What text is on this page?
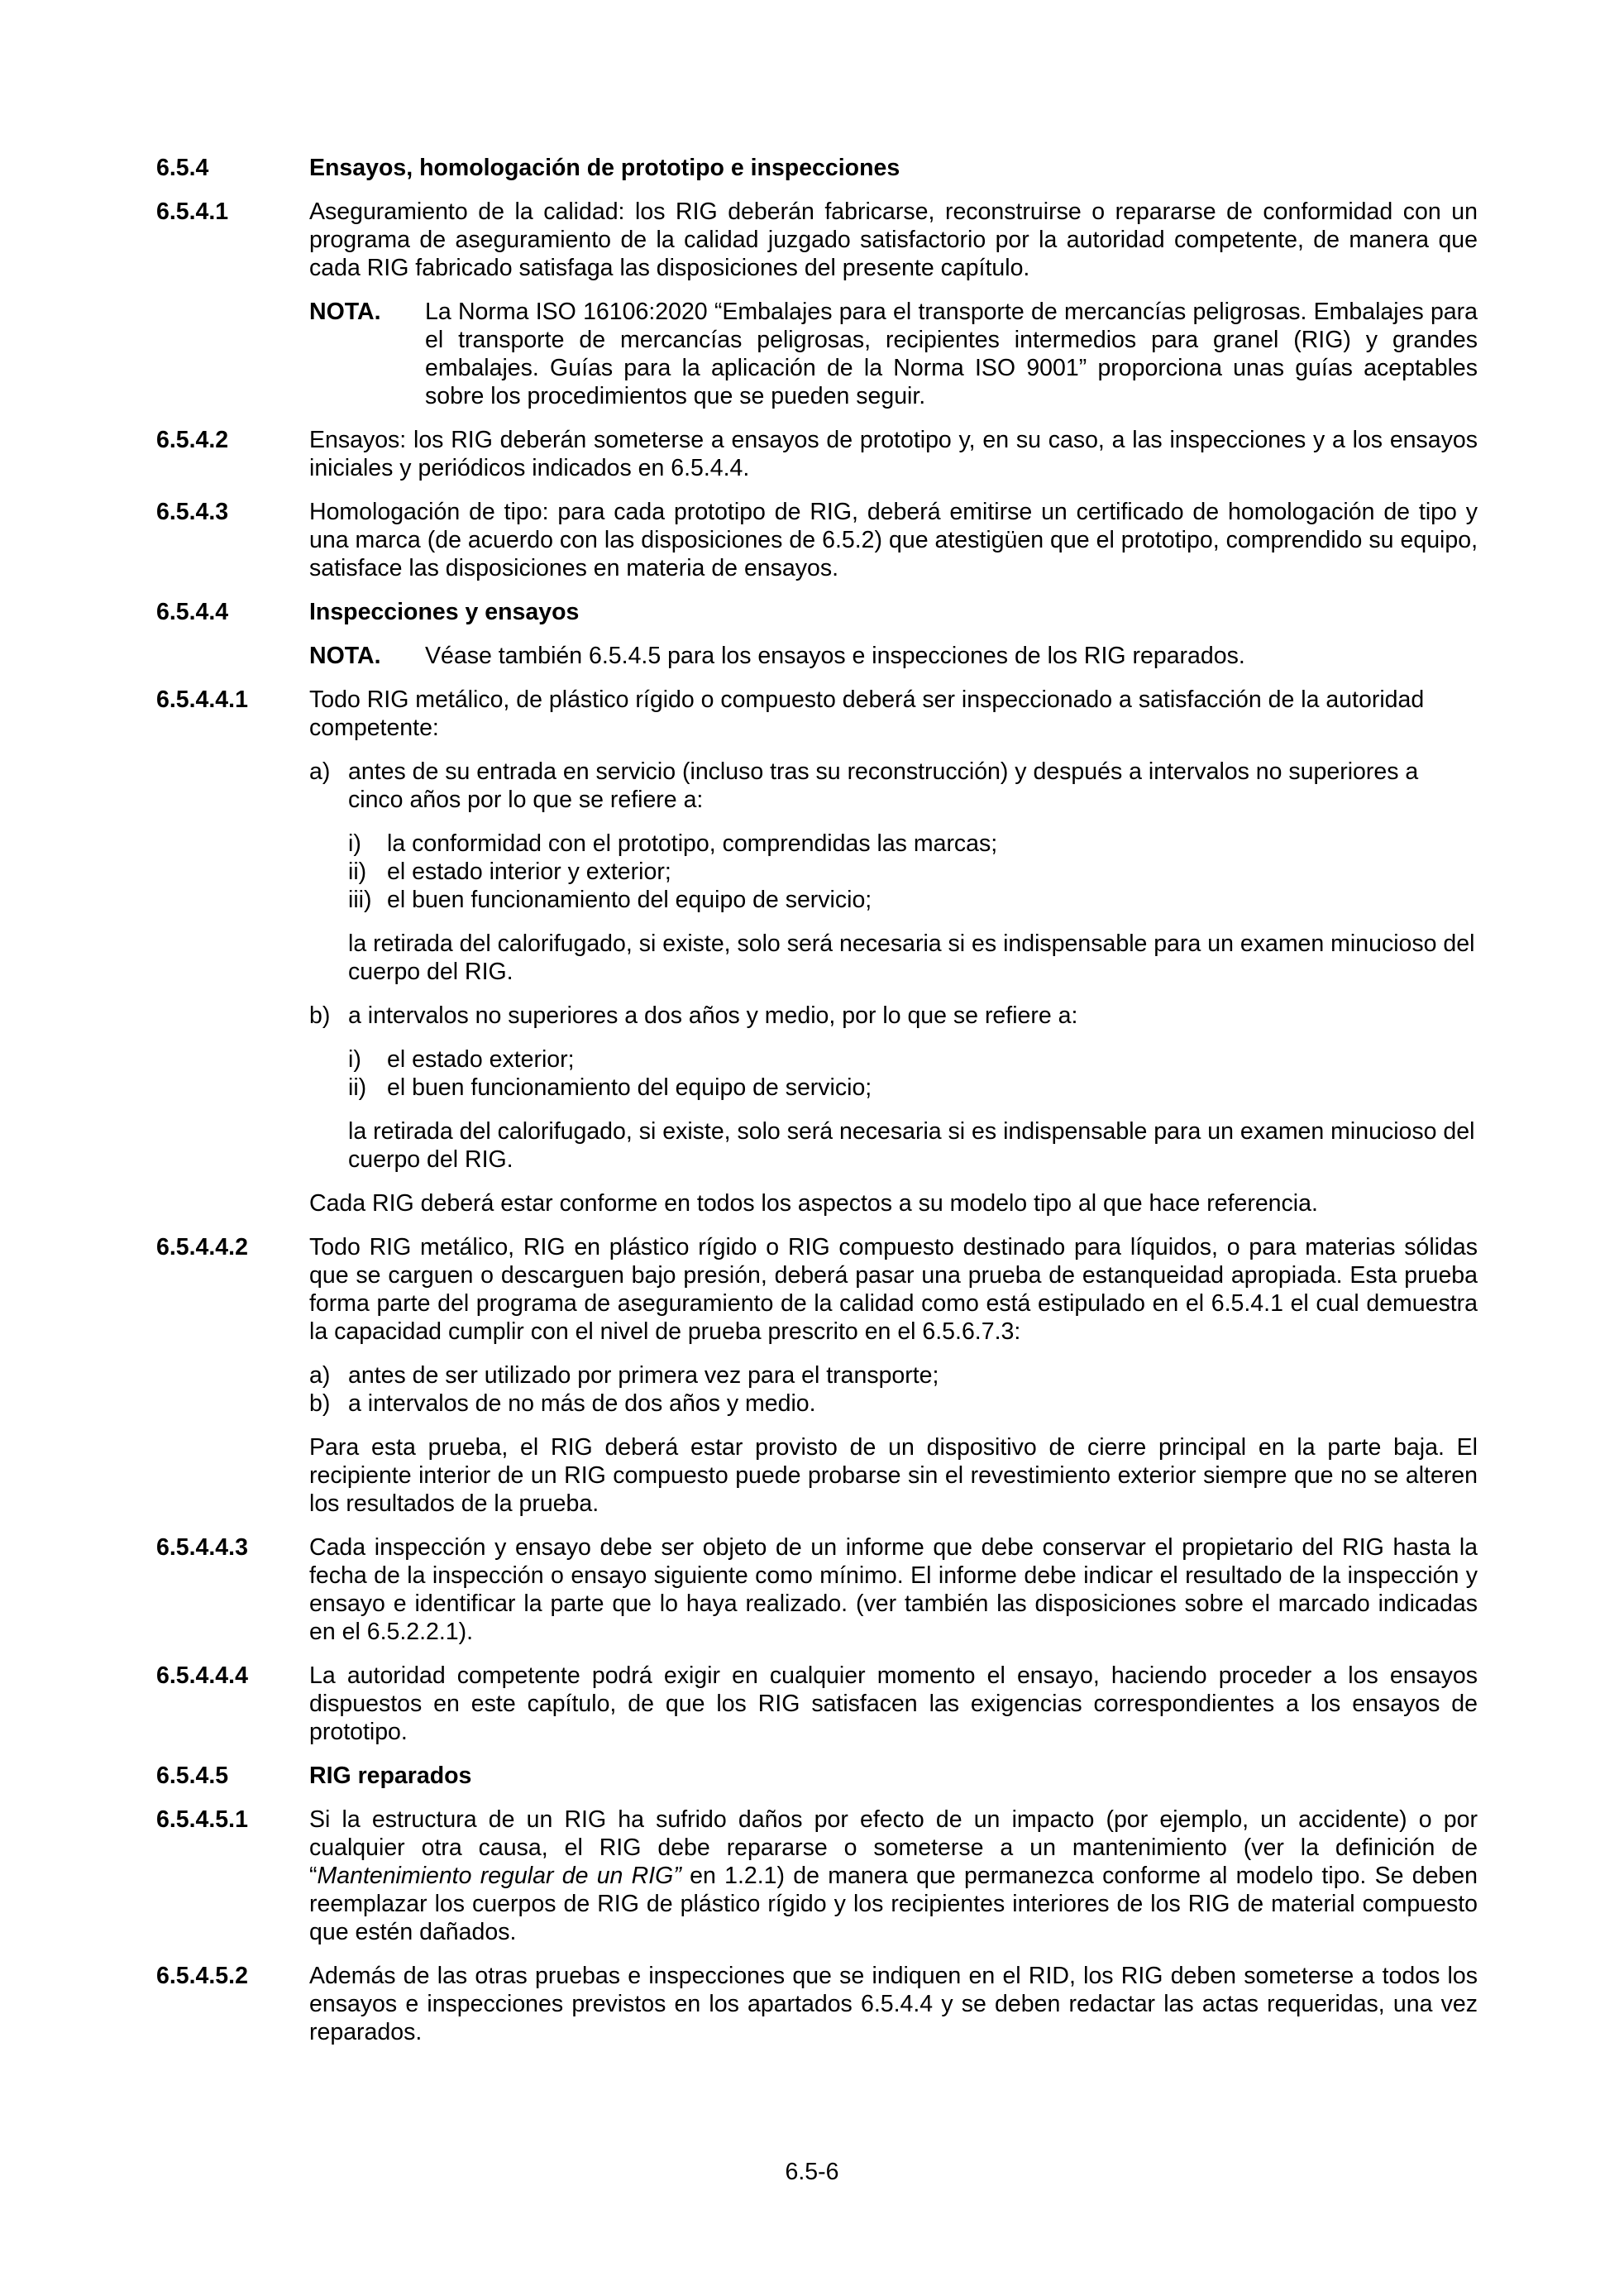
6.5.4	Ensayos, homologación de prototipo e inspecciones

6.5.4.1	Aseguramiento de la calidad: los RIG deberán fabricarse, reconstruirse o repararse de conformidad con un programa de aseguramiento de la calidad juzgado satisfactorio por la autoridad competente, de manera que cada RIG fabricado satisfaga las disposiciones del presente capítulo.

NOTA. La Norma ISO 16106:2020 “Embalajes para el transporte de mercancías peligrosas. Embalajes para el transporte de mercancías peligrosas, recipientes intermedios para granel (RIG) y grandes embalajes. Guías para la aplicación de la Norma ISO 9001” proporciona unas guías aceptables sobre los procedimientos que se pueden seguir.

6.5.4.2	Ensayos: los RIG deberán someterse a ensayos de prototipo y, en su caso, a las inspecciones y a los ensayos iniciales y periódicos indicados en 6.5.4.4.

6.5.4.3	Homologación de tipo: para cada prototipo de RIG, deberá emitirse un certificado de homologación de tipo y una marca (de acuerdo con las disposiciones de 6.5.2) que atestigüen que el prototipo, comprendido su equipo, satisface las disposiciones en materia de ensayos.

6.5.4.4	Inspecciones y ensayos

NOTA. Véase también 6.5.4.5 para los ensayos e inspecciones de los RIG reparados.

6.5.4.4.1	Todo RIG metálico, de plástico rígido o compuesto deberá ser inspeccionado a satisfacción de la autoridad competente:

a) antes de su entrada en servicio (incluso tras su reconstrucción) y después a intervalos no superiores a cinco años por lo que se refiere a:

i) la conformidad con el prototipo, comprendidas las marcas;

ii) el estado interior y exterior;

iii) el buen funcionamiento del equipo de servicio;

la retirada del calorifugado, si existe, solo será necesaria si es indispensable para un examen minucioso del cuerpo del RIG.

b) a intervalos no superiores a dos años y medio, por lo que se refiere a:

i) el estado exterior;

ii) el buen funcionamiento del equipo de servicio;

la retirada del calorifugado, si existe, solo será necesaria si es indispensable para un examen minucioso del cuerpo del RIG.

Cada RIG deberá estar conforme en todos los aspectos a su modelo tipo al que hace referencia.

6.5.4.4.2	Todo RIG metálico, RIG en plástico rígido o RIG compuesto destinado para líquidos, o para materias sólidas que se carguen o descarguen bajo presión, deberá pasar una prueba de estanqueidad apropiada. Esta prueba forma parte del programa de aseguramiento de la calidad como está estipulado en el 6.5.4.1 el cual demuestra la capacidad cumplir con el nivel de prueba prescrito en el 6.5.6.7.3:

a) antes de ser utilizado por primera vez para el transporte;

b) a intervalos de no más de dos años y medio.

Para esta prueba, el RIG deberá estar provisto de un dispositivo de cierre principal en la parte baja. El recipiente interior de un RIG compuesto puede probarse sin el revestimiento exterior siempre que no se alteren los resultados de la prueba.

6.5.4.4.3	Cada inspección y ensayo debe ser objeto de un informe que debe conservar el propietario del RIG hasta la fecha de la inspección o ensayo siguiente como mínimo. El informe debe indicar el resultado de la inspección y ensayo e identificar la parte que lo haya realizado. (ver también las disposiciones sobre el marcado indicadas en el 6.5.2.2.1).

6.5.4.4.4	La autoridad competente podrá exigir en cualquier momento el ensayo, haciendo proceder a los ensayos dispuestos en este capítulo, de que los RIG satisfacen las exigencias correspondientes a los ensayos de prototipo.

6.5.4.5	RIG reparados

6.5.4.5.1	Si la estructura de un RIG ha sufrido daños por efecto de un impacto (por ejemplo, un accidente) o por cualquier otra causa, el RIG debe repararse o someterse a un mantenimiento (ver la definición de “Mantenimiento regular de un RIG” en 1.2.1) de manera que permanezca conforme al modelo tipo. Se deben reemplazar los cuerpos de RIG de plástico rígido y los recipientes interiores de los RIG de material compuesto que estén dañados.

6.5.4.5.2	Además de las otras pruebas e inspecciones que se indiquen en el RID, los RIG deben someterse a todos los ensayos e inspecciones previstos en los apartados 6.5.4.4 y se deben redactar las actas requeridas, una vez reparados.

6.5-6
